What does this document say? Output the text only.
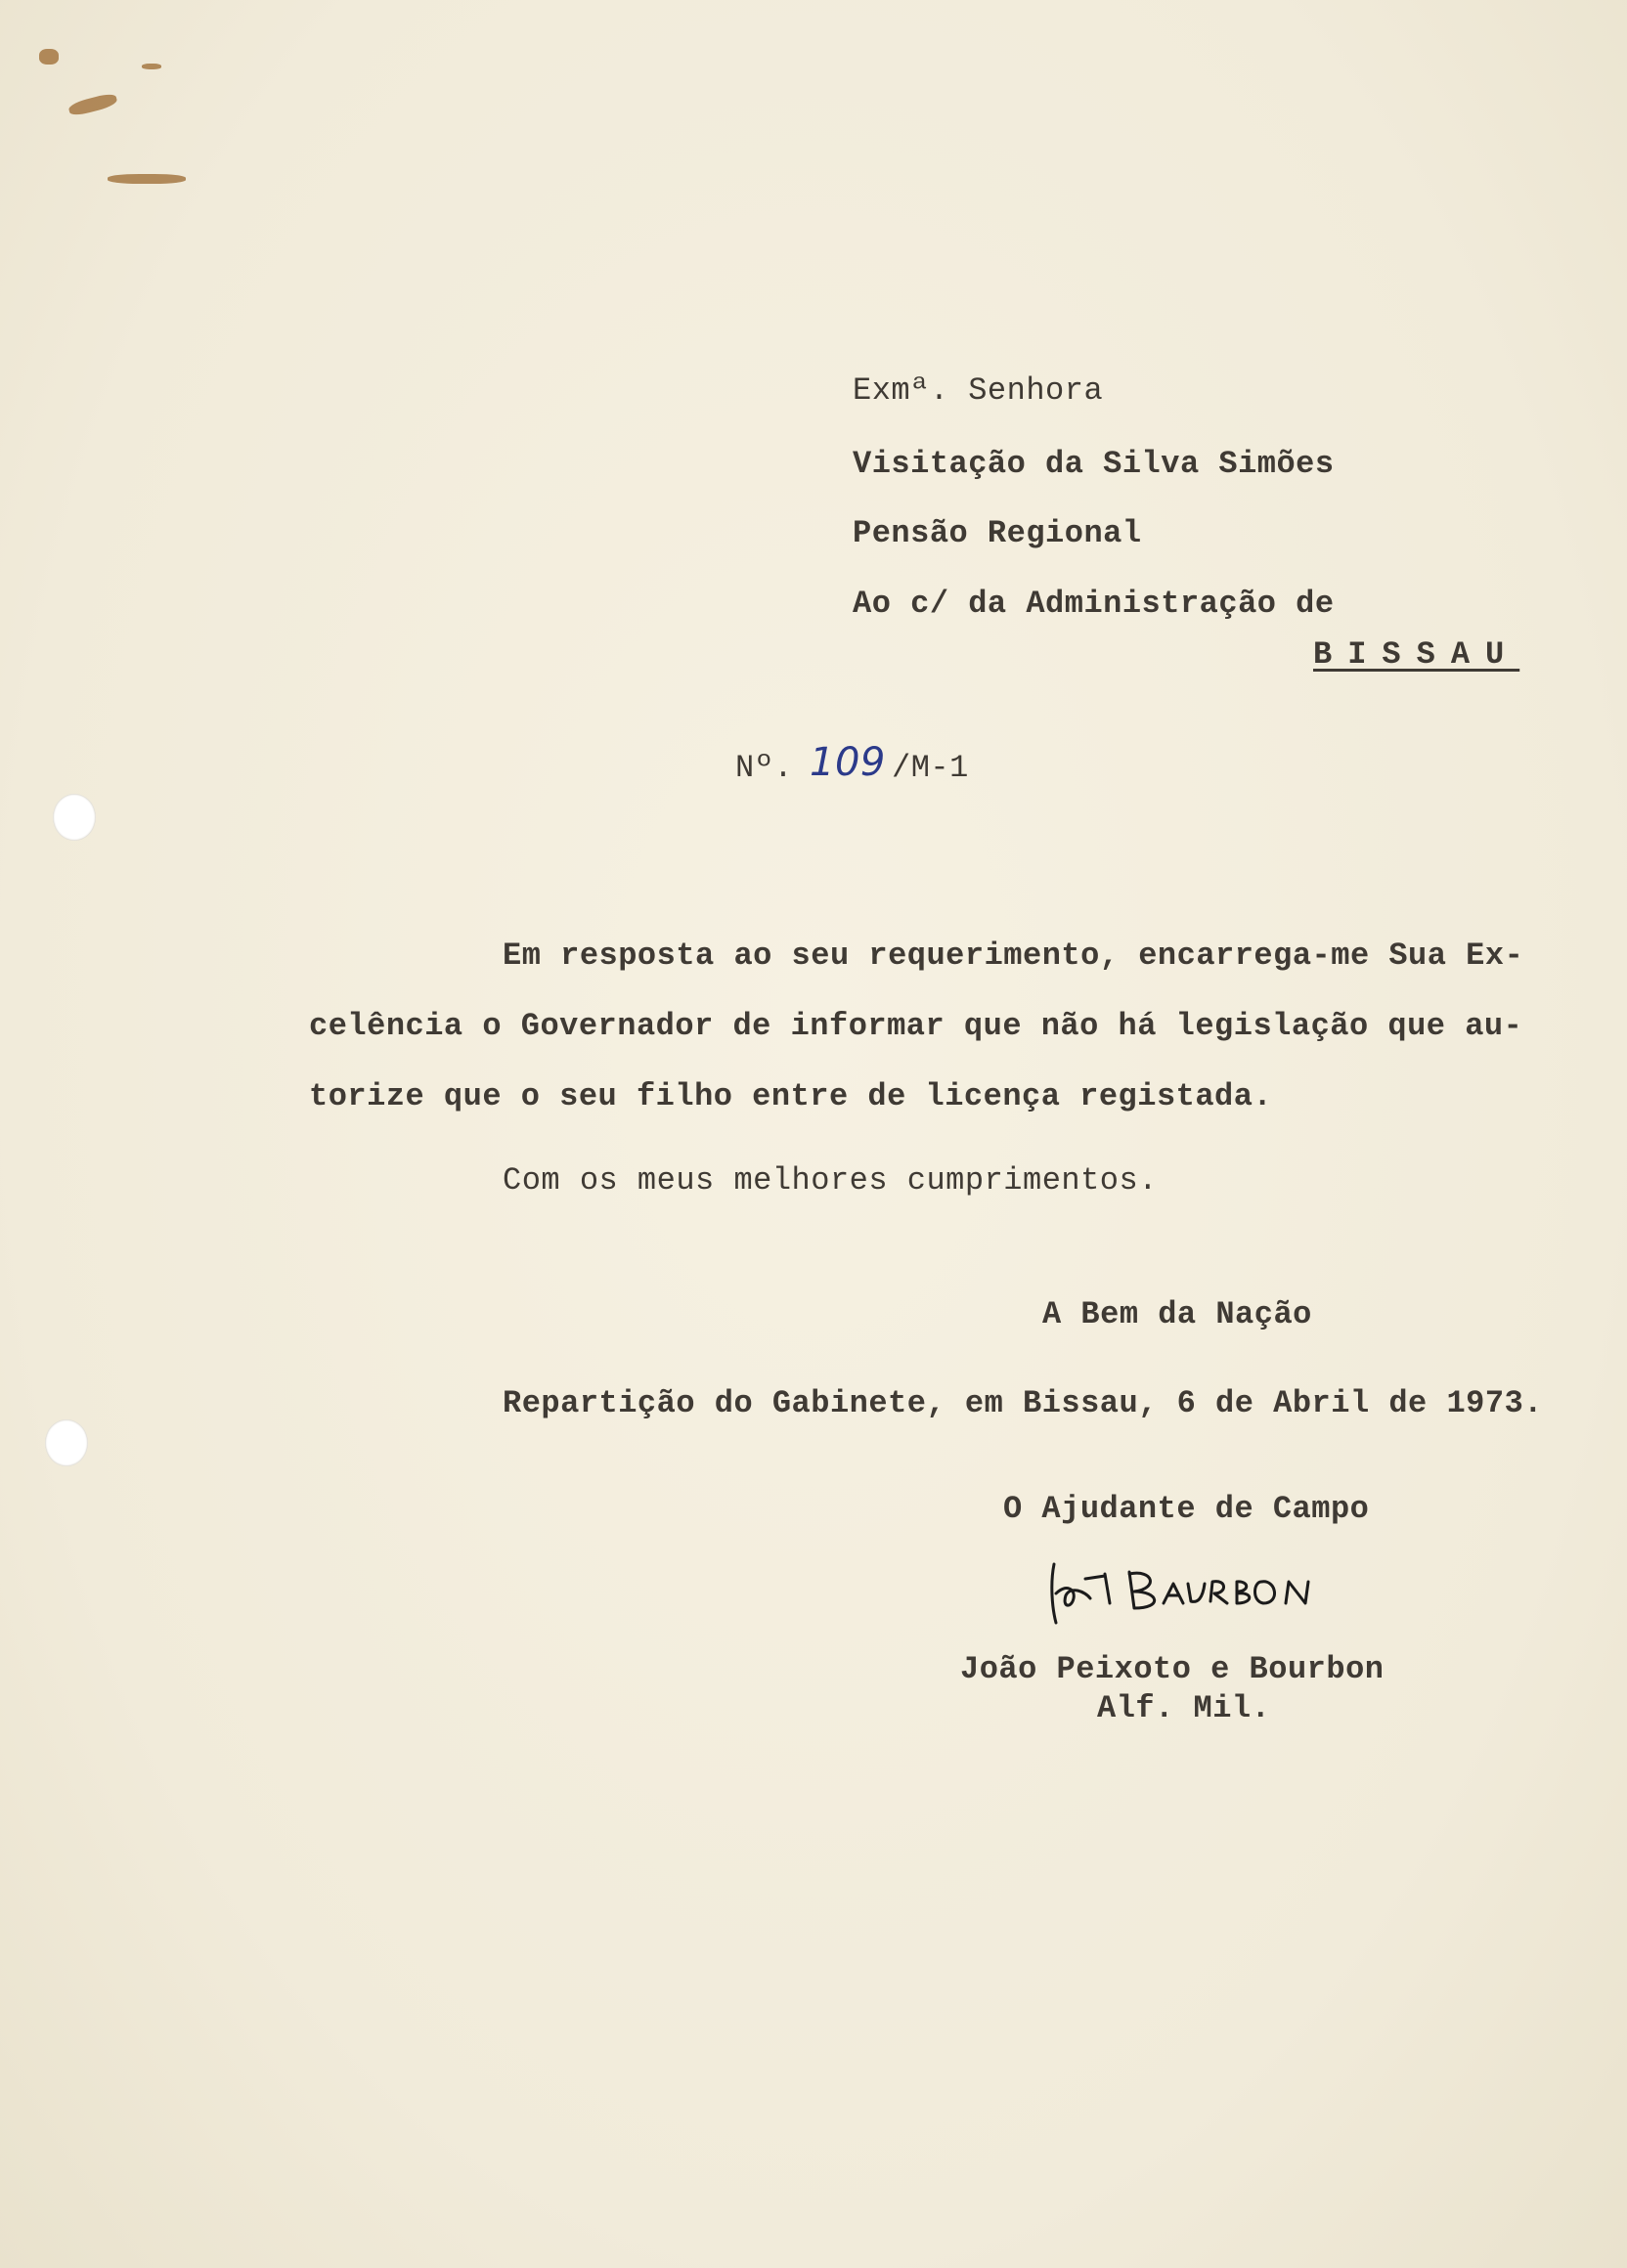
Exmª. Senhora
Visitação da Silva Simões
Pensão Regional
Ao c/ da Administração de
BISSAU
Nº. 109 /M-1
Em resposta ao seu requerimento, encarrega-me Sua Ex-
celência o Governador de informar que não há legislação que au-
torize que o seu filho entre de licença registada.
Com os meus melhores cumprimentos.
A Bem da Nação
Repartição do Gabinete, em Bissau, 6 de Abril de 1973.
O Ajudante de Campo
João Peixoto e Bourbon
Alf. Mil.
